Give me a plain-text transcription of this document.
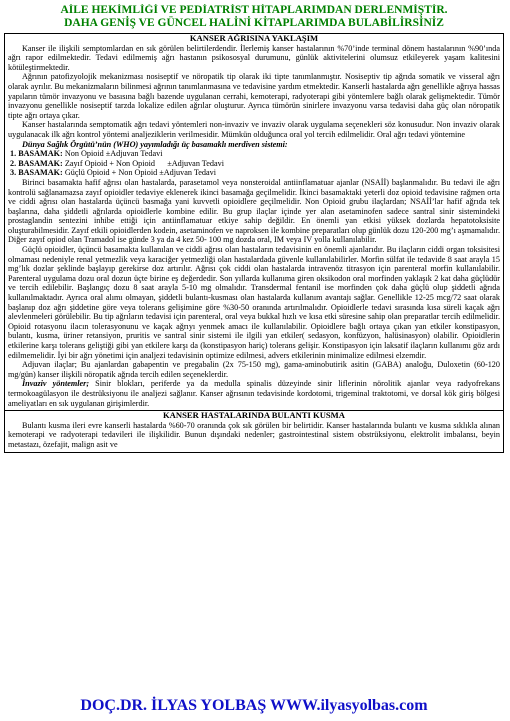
AİLE HEKİMLİĞİ VE PEDİATRİST HİTAPLARIMDAN DERLENMİŞTİR.
DAHA GENİŞ VE GÜNCEL HALİNİ KİTAPLARIMDA BULABİLİRSİNİZ
KANSER AĞRISINA YAKLAŞIM

Kanser ile ilişkili semptomlardan en sık görülen belirtilerdendir. İlerlemiş kanser hastalarının %70’inde terminal dönem hastalarının %90’ında ağrı rapor edilmektedir. Tedavi edilmemiş ağrı hastanın psikososyal durumunu, günlük aktivitelerini olumsuz etkileyerek yaşam kalitesini kötüleştirmektedir.

Ağrının patofizyolojik mekanizması nosiseptif ve nöropatik tip olarak iki tipte tanımlanmıştır. Nosiseptiv tip ağrıda somatik ve visseral ağrı olarak ayrılır. Bu mekanizmaların bilinmesi ağrının tanımlanmasına ve tedavisine yardım etmektedir. Kanserli hastalarda ağrı genellikle ağrıya hassas yapıların tümör invazyonu ve basısına bağlı bazende uygulanan cerrahi, kemoterapi, radyoterapi gibi yöntemlere bağlı olarak gelişmektedir. Tümör invazyonu genellikle nosiseptif tarzda lokalize edilen ağrılar oluşturur. Ayrıca tümörün sinirlere invazyonu varsa tedavisi daha güç olan nöropatik tipte ağrı ortaya çıkar.

Kanser hastalarında semptomatik ağrı tedavi yöntemleri non-invaziv ve invaziv olarak uygulama seçenekleri söz konusudur. Non invaziv olarak uygulanacak ilk ağrı kontrol yöntemi analjeziklerin verilmesidir. Mümkün olduğunca oral yol tercih edilmelidir. Oral ağrı tedavi yöntemine

Dünya Sağlık Örgütü’nün (WHO) yayımladığı üç basamaklı merdiven sistemi:

1. BASAMAK: Non Opioid ±Adjuvan Tedavi

2. BASAMAK: Zayıf Opioid + Non Opioid      ±Adjuvan Tedavi

3. BASAMAK: Güçlü Opioid + Non Opioid ±Adjuvan Tedavi

Birinci basamakta hafif ağrısı olan hastalarda, parasetamol veya nonsteroidal antiinflamatuar ajanlar (NSAİİ) başlanmalıdır. Bu tedavi ile ağrı kontrolü sağlanamazsa zayıf opioidler tedaviye eklenerek ikinci basamağa geçilmelidir. İkinci basamaktaki yeterli doz opioid tedavisine rağmen orta ve ciddi ağrısı olan hastalarda üçüncü basmağa yani kuvvetli opioidlere geçilmelidir. Non Opioid grubu ilaçlardan; NSAİİ’lar hafif ağrıda tek başlarına, daha şiddetli ağrılarda opioidlerle kombine edilir. Bu grup ilaçlar içinde yer alan asetaminofen sadece santral sinir sistemindeki prostaglandin sentezini inhibe ettiği için antiinflamatuar etkiye sahip değildir. En önemli yan etkisi yüksek dozlarda hepatotoksisite oluşturabilmesidir. Zayıf etkili opioidlerden kodein, asetaminofen ve naproksen ile kombine preparatları olup günlük dozu 120-200 mg’ı aşmamalıdır. Diğer zayıf opiod olan Tramadol ise günde 3 ya da 4 kez 50- 100 mg dozda oral, IM veya IV yolla kullanılabilir.

Güçlü opioidler, üçüncü basamakta kullanılan ve ciddi ağrısı olan hastaların tedavisinin en önemli ajanlarıdır. Bu ilaçların ciddi organ toksisitesi olmaması nedeniyle renal yetmezlik veya karaciğer yetmezliği olan hastalardada güvenle kullanılabilirler. Morfin sülfat ile tedavide 8 saat arayla 15 mg’lık dozlar şeklinde başlayıp gerekirse doz artırılır. Ağrısı çok ciddi olan hastalarda intravenöz titrasyon için parenteral morfin kullanılabilir. Parenteral uygulama dozu oral dozun üçte birine eş değerdedir. Son yıllarda kullanıma giren oksikodon oral morfinden yaklaşık 2 kat daha güçlüdür ve tercih edilebilir. Başlangıç dozu 8 saat arayla 5-10 mg olmalıdır. Transdermal fentanil ise morfinden çok daha güçlü olup şiddetli ağrıda kullanılmaktadır. Ayrıca oral alımı olmayan, şiddetli bulantı-kusması olan hastalarda kullanım avantajı sağlar. Genellikle 12-25 mcg/72 saat olarak başlanıp doz ağrı şiddetine göre veya tolerans gelişimine göre %30-50 oranında artırılmalıdır. Opioidlerle tedavi sırasında kısa süreli kaçak ağrı alevlenmeleri görülebilir. Bu tip ağrıların tedavisi için parenteral, oral veya bukkal hızlı ve kısa etki süresine sahip olan preparatlar tercih edilmelidir. Opioid rotasyonu ilacın tolerasyonunu ve kaçak ağrıyı yenmek amacı ile kullanılabilir. Opioidlere bağlı ortaya çıkan yan etkiler konstipasyon, bulantı, kusma, üriner retansiyon, pruritis ve santral sinir sistemi ile ilgili yan etkiler( sedasyon, konfüzyon, halüsinasyon) olabilir. Opioidlerin etkilerine karşı tolerans geliştiği gibi yan etkilere karşı da (konstipasyon hariç) tolerans gelişir. Konstipasyon için laksatif ilaçların kullanımı göz ardı edilmemelidir. İyi bir ağrı yönetimi için analjezi tedavisinin optimize edilmesi, advers etkilerinin minimalize edilmesi elzemdir.

Adjuvan ilaçlar; Bu ajanlardan gabapentin ve pregabalin (2x 75-150 mg), gama-aminobutirik asitin (GABA) analoğu, Duloxetin (60-120 mg/gün) kanser ilişkili nöropatik ağrıda tercih edilen seçeneklerdir.

İnvaziv yöntemler; Sinir blokları, periferde ya da medulla spinalis düzeyinde sinir liflerinin nörolitik ajanlar veya radyofrekans termokoagülasyon ile destrüksiyonu ile analjezi sağlanır. Kanser ağrısının tedavisinde kordotomi, trigeminal traktotomi, ve dorsal kök giriş bölgesi ameliyatları en sık uygulanan girişimlerdir.

KANSER HASTALARINDA BULANTI KUSMA

Bulantı kusma ileri evre kanserli hastalarda %60-70 oranında çok sık görülen bir belirtidir. Kanser hastalarında bulantı ve kusma sıklıkla alınan kemoterapi ve radyoterapi tedavileri ile ilişkilidir. Bunun dışındaki nedenler; gastrointestinal sistem obstrüksiyonu, elektrolit imbalansı, beyin metastazı, özefajit, malign asit ve

DOÇ.DR. İLYAS YOLBAŞ WWW.ilyasyolbas.com
